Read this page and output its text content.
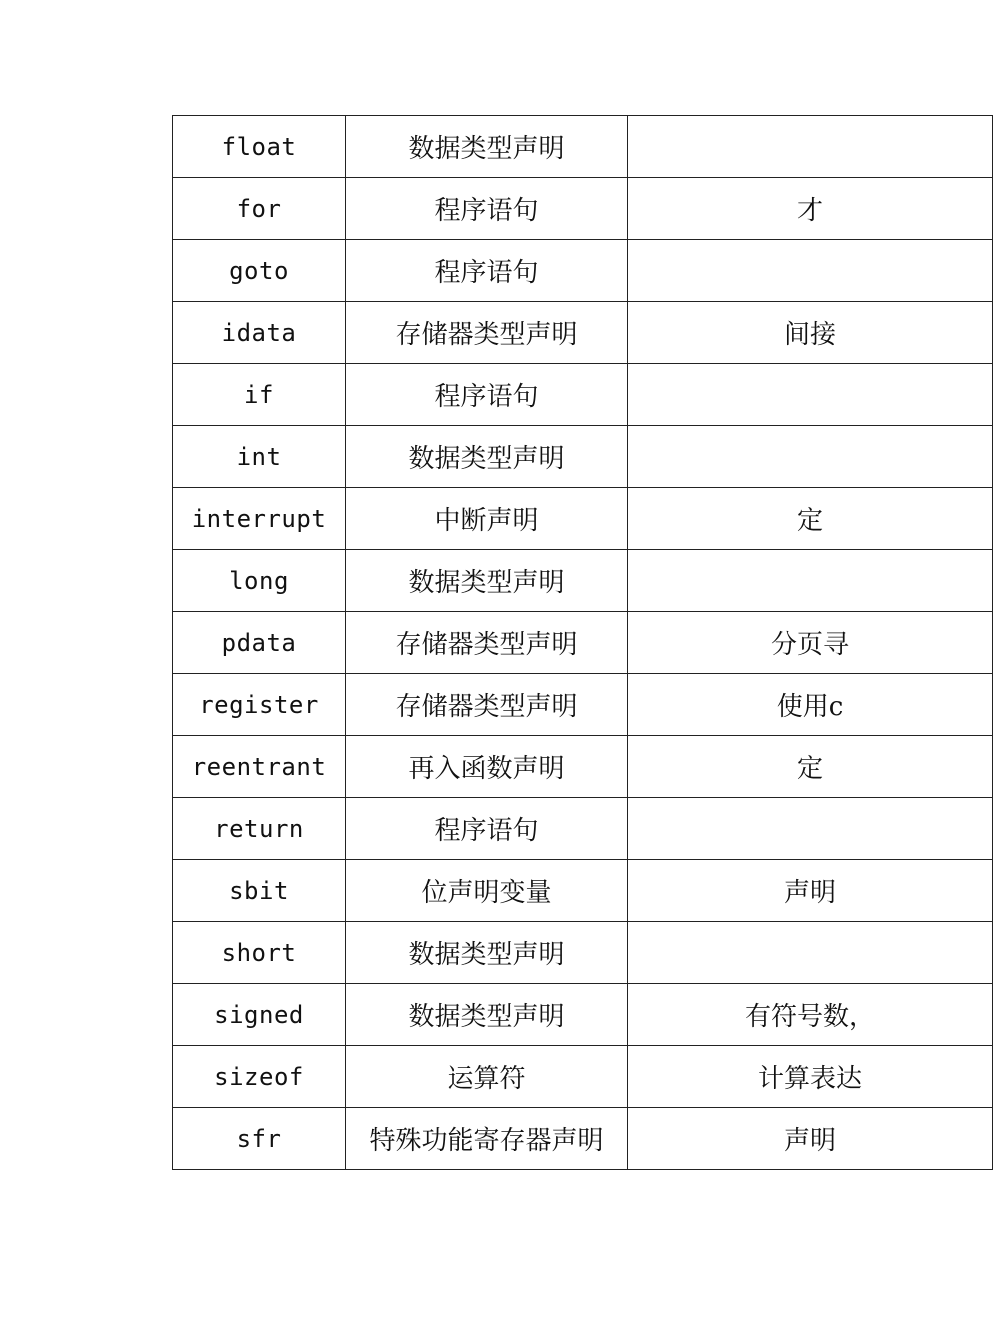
float	数据类型声明	
for	程序语句	才
goto	程序语句	
idata	存储器类型声明	间接
if	程序语句	
int	数据类型声明	
interrupt	中断声明	定
long	数据类型声明	
pdata	存储器类型声明	分页寻
register	存储器类型声明	使用c
reentrant	再入函数声明	定
return	程序语句	
sbit	位声明变量	声明
short	数据类型声明	
signed	数据类型声明	有符号数，
sizeof	运算符	计算表达
sfr	特殊功能寄存器声明	声明
